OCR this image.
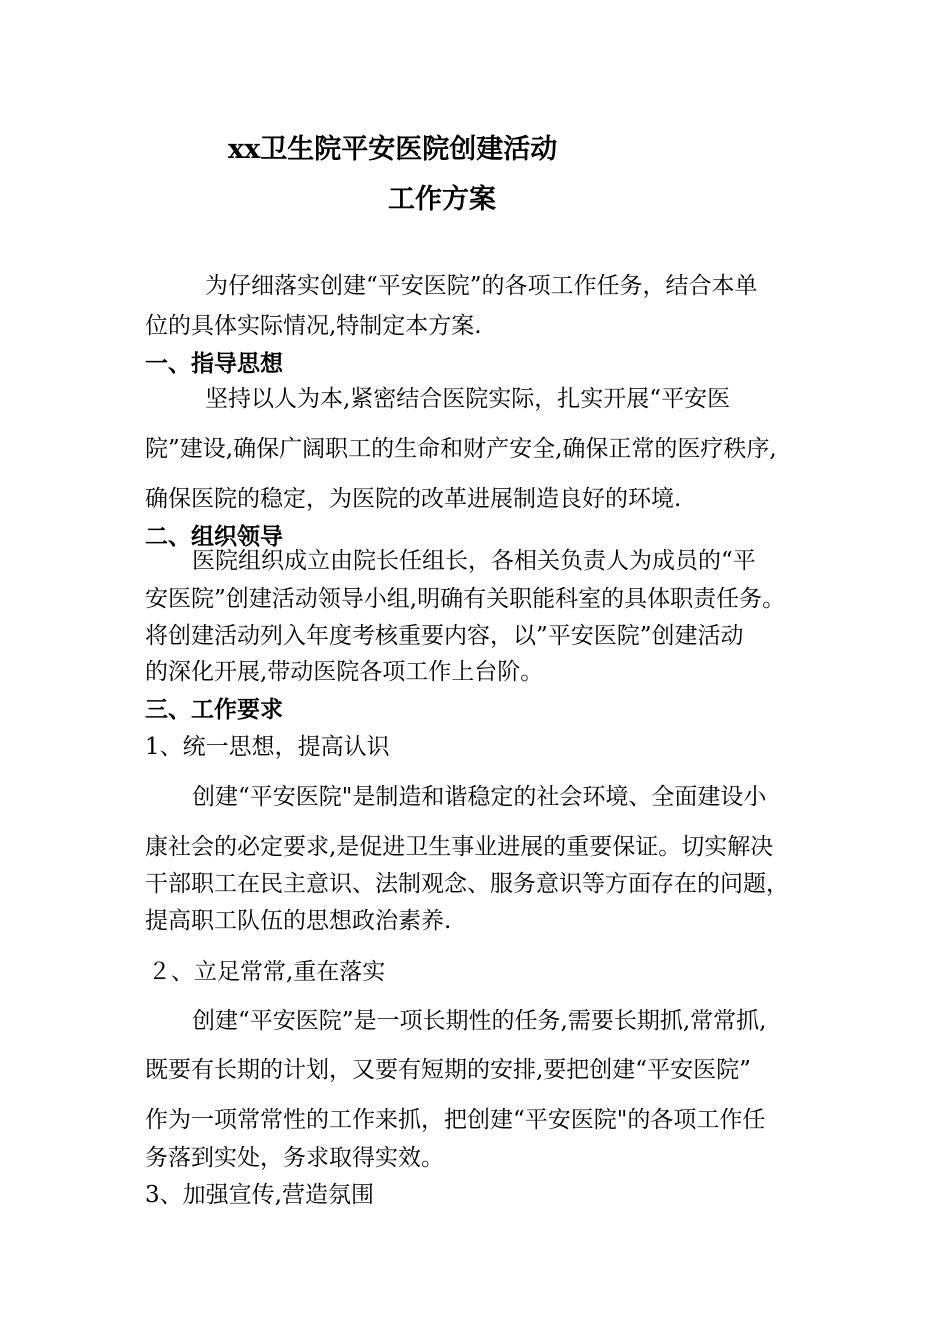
xx卫生院平安医院创建活动
工作方案
为仔细落实创建“平安医院”的各项工作任务，结合本单
位的具体实际情况,特制定本方案.
一、指导思想
坚持以人为本,紧密结合医院实际，扎实开展“平安医
院”建设,确保广阔职工的生命和财产安全,确保正常的医疗秩序,
确保医院的稳定，为医院的改革进展制造良好的环境.
二、组织领导
医院组织成立由院长任组长，各相关负责人为成员的“平
安医院”创建活动领导小组,明确有关职能科室的具体职责任务。
将创建活动列入年度考核重要内容，以”平安医院”创建活动
的深化开展,带动医院各项工作上台阶。
三、工作要求
1、统一思想，提高认识
创建“平安医院"是制造和谐稳定的社会环境、全面建设小
康社会的必定要求,是促进卫生事业进展的重要保证。切实解决
干部职工在民主意识、法制观念、服务意识等方面存在的问题，
提高职工队伍的思想政治素养.
２、立足常常,重在落实
创建“平安医院”是一项长期性的任务,需要长期抓,常常抓,
既要有长期的计划，又要有短期的安排,要把创建“平安医院”
作为一项常常性的工作来抓，把创建“平安医院"的各项工作任
务落到实处，务求取得实效。
3、加强宣传,营造氛围
